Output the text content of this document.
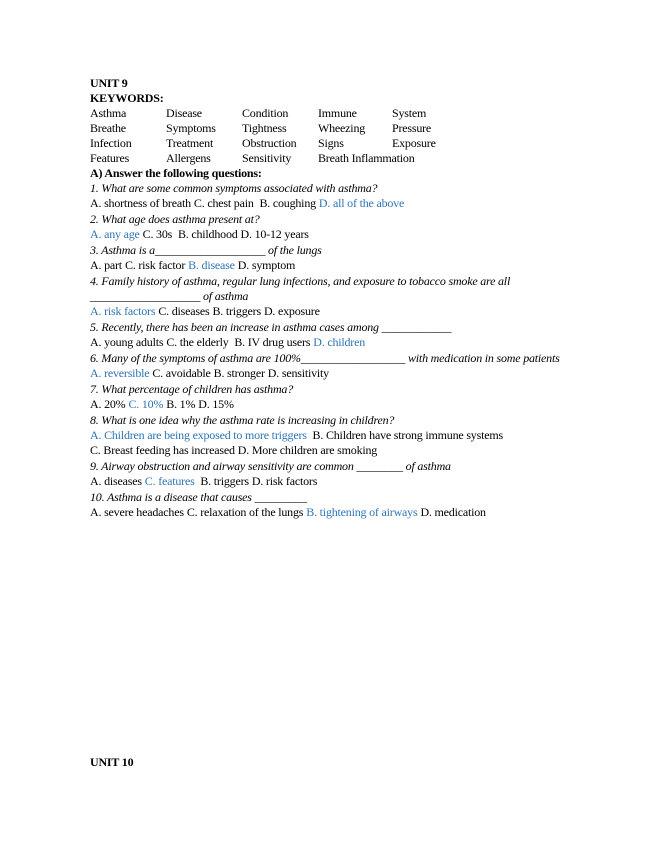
UNIT 9
KEYWORDS:
Asthma	Disease	Condition	Immune	System
Breathe	Symptoms	Tightness	Wheezing	Pressure
Infection	Treatment	Obstruction	Signs	Exposure
Features	Allergens	Sensitivity	Breath Inflammation
A) Answer the following questions:
1. What are some common symptoms associated with asthma?
A. shortness of breath C. chest pain B. coughing D. all of the above
2. What age does asthma present at?
A. any age C. 30s B. childhood D. 10-12 years
3. Asthma is a___________________ of the lungs
A. part C. risk factor B. disease D. symptom
4. Family history of asthma, regular lung infections, and exposure to tobacco smoke are all ___________________ of asthma
A. risk factors C. diseases B. triggers D. exposure
5. Recently, there has been an increase in asthma cases among ____________
A. young adults C. the elderly B. IV drug users D. children
6. Many of the symptoms of asthma are 100%__________________ with medication in some patients
A. reversible C. avoidable B. stronger D. sensitivity
7. What percentage of children has asthma?
A. 20% C. 10% B. 1% D. 15%
8. What is one idea why the asthma rate is increasing in children?
A. Children are being exposed to more triggers B. Children have strong immune systems
C. Breast feeding has increased D. More children are smoking
9. Airway obstruction and airway sensitivity are common ________ of asthma
A. diseases C. features B. triggers D. risk factors
10. Asthma is a disease that causes _________
A. severe headaches C. relaxation of the lungs B. tightening of airways D. medication
UNIT 10
